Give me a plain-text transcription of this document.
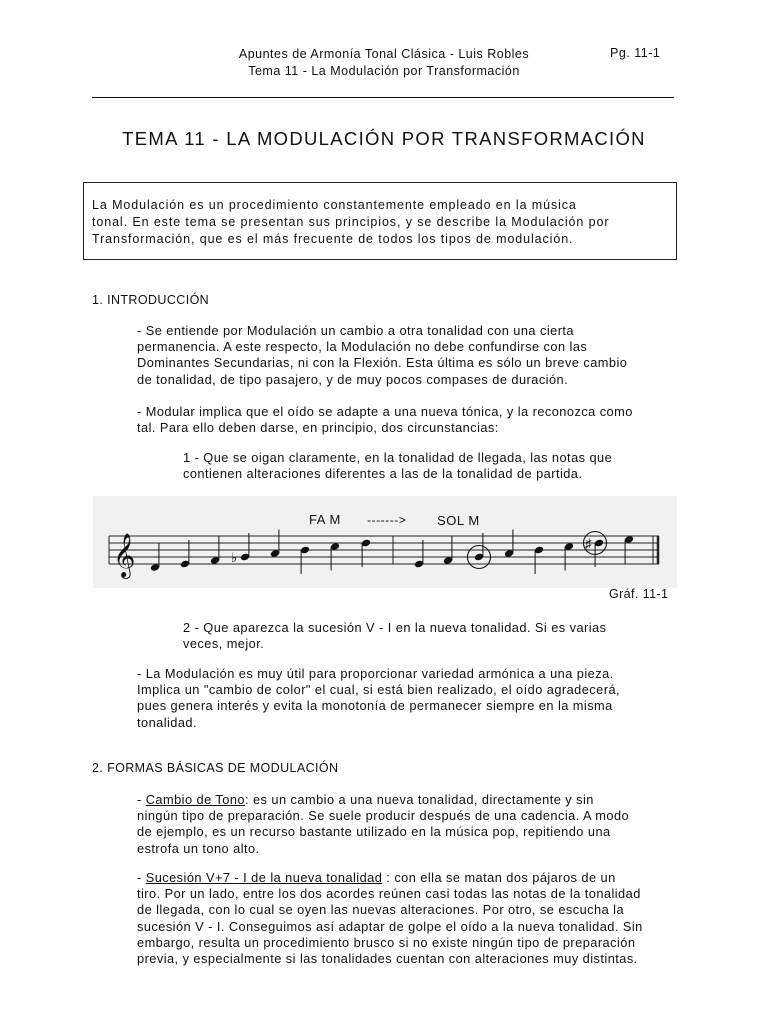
Apuntes de Armonía Tonal Clásica - Luis Robles
Tema 11 - La Modulación por Transformación
Pg. 11-1
TEMA 11 - LA MODULACIÓN POR TRANSFORMACIÓN
La Modulación es un procedimiento constantemente empleado en la música
tonal. En este tema se presentan sus principios, y se describe la Modulación por
Transformación, que es el más frecuente de todos los tipos de modulación.
1. INTRODUCCIÓN
- Se entiende por Modulación un cambio a otra tonalidad con una cierta
permanencia. A este respecto, la Modulación no debe confundirse con las
Dominantes Secundarias, ni con la Flexión. Esta última es sólo un breve cambio
de tonalidad, de tipo pasajero, y de muy pocos compases de duración.
- Modular implica que el oído se adapte a una nueva tónica, y la reconozca como
tal. Para ello deben darse, en principio, dos circunstancias:
1 - Que se oigan claramente, en la tonalidad de llegada, las notas que
contienen alteraciones diferentes a las de la tonalidad de partida.
FA M -------> SOL M
𝄞	♭
♯
Gráf. 11-1
2 - Que aparezca la sucesión V - I en la nueva tonalidad. Si es varias
veces, mejor.
- La Modulación es muy útil para proporcionar variedad armónica a una pieza.
Implica un "cambio de color" el cual, si está bien realizado, el oído agradecerá,
pues genera interés y evita la monotonía de permanecer siempre en la misma
tonalidad.
2. FORMAS BÁSICAS DE MODULACIÓN
- Cambio de Tono: es un cambio a una nueva tonalidad, directamente y sin
ningún tipo de preparación. Se suele producir después de una cadencia. A modo
de ejemplo, es un recurso bastante utilizado en la música pop, repitiendo una
estrofa un tono alto.
- Sucesión V+7 - I de la nueva tonalidad : con ella se matan dos pájaros de un
tiro. Por un lado, entre los dos acordes reúnen casi todas las notas de la tonalidad
de llegada, con lo cual se oyen las nuevas alteraciones. Por otro, se escucha la
sucesión V - I. Conseguimos así adaptar de golpe el oído a la nueva tonalidad. Sin
embargo, resulta un procedimiento brusco si no existe ningún tipo de preparación
previa, y especialmente si las tonalidades cuentan con alteraciones muy distintas.
